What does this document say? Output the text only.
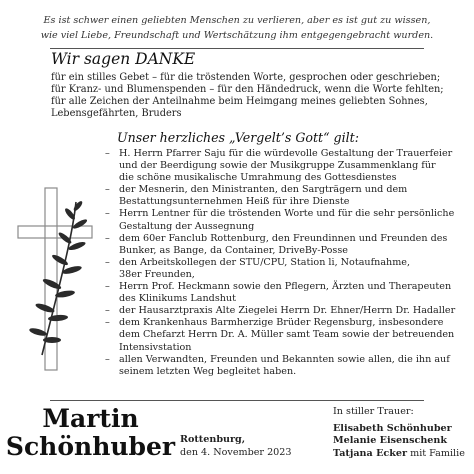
Es ist schwer einen geliebten Menschen zu verlieren, aber es ist gut zu wissen,
wie viel Liebe, Freundschaft und Wertschätzung ihm entgegengebracht wurden.
Wir sagen DANKE
für ein stilles Gebet – für die tröstenden Worte, gesprochen oder geschrieben;
für Kranz- und Blumenspenden – für den Händedruck, wenn die Worte fehlten;
für alle Zeichen der Anteilnahme beim Heimgang meines geliebten Sohnes,
Lebensgefährten, Bruders
Unser herzliches „Vergelt’s Gott“ gilt:
– H. Herrn Pfarrer Saju für die würdevolle Gestaltung der Trauerfeier
und der Beerdigung sowie der Musikgruppe Zusammenklang für
die schöne musikalische Umrahmung des Gottesdienstes
– der Mesnerin, den Ministranten, den Sargträgern und dem
Bestattungsunternehmen Heiß für ihre Dienste
– Herrn Lentner für die tröstenden Worte und für die sehr persönliche
Gestaltung der Aussegnung
– dem 60er Fanclub Rottenburg, den Freundinnen und Freunden des
Bunker, as Bange, da Container, DriveBy-Posse
– den Arbeitskollegen der STU/CPU, Station li, Notaufnahme,
38er Freunden,
– Herrn Prof. Heckmann sowie den Pflegern, Ärzten und Therapeuten
des Klinikums Landshut
– der Hausarztpraxis Alte Ziegelei Herrn Dr. Ehner/Herrn Dr. Hadaller
– dem Krankenhaus Barmherzige Brüder Regensburg, insbesondere
dem Chefarzt Herrn Dr. A. Müller samt Team sowie der betreuenden
Intensivstation
– allen Verwandten, Freunden und Bekannten sowie allen, die ihn auf
seinem letzten Weg begleitet haben.
Martin
Schönhuber Rottenburg,
den 4. November 2023
In stiller Trauer:
Elisabeth Schönhuber
Melanie Eisenschenk
Tatjana Ecker mit Familie
